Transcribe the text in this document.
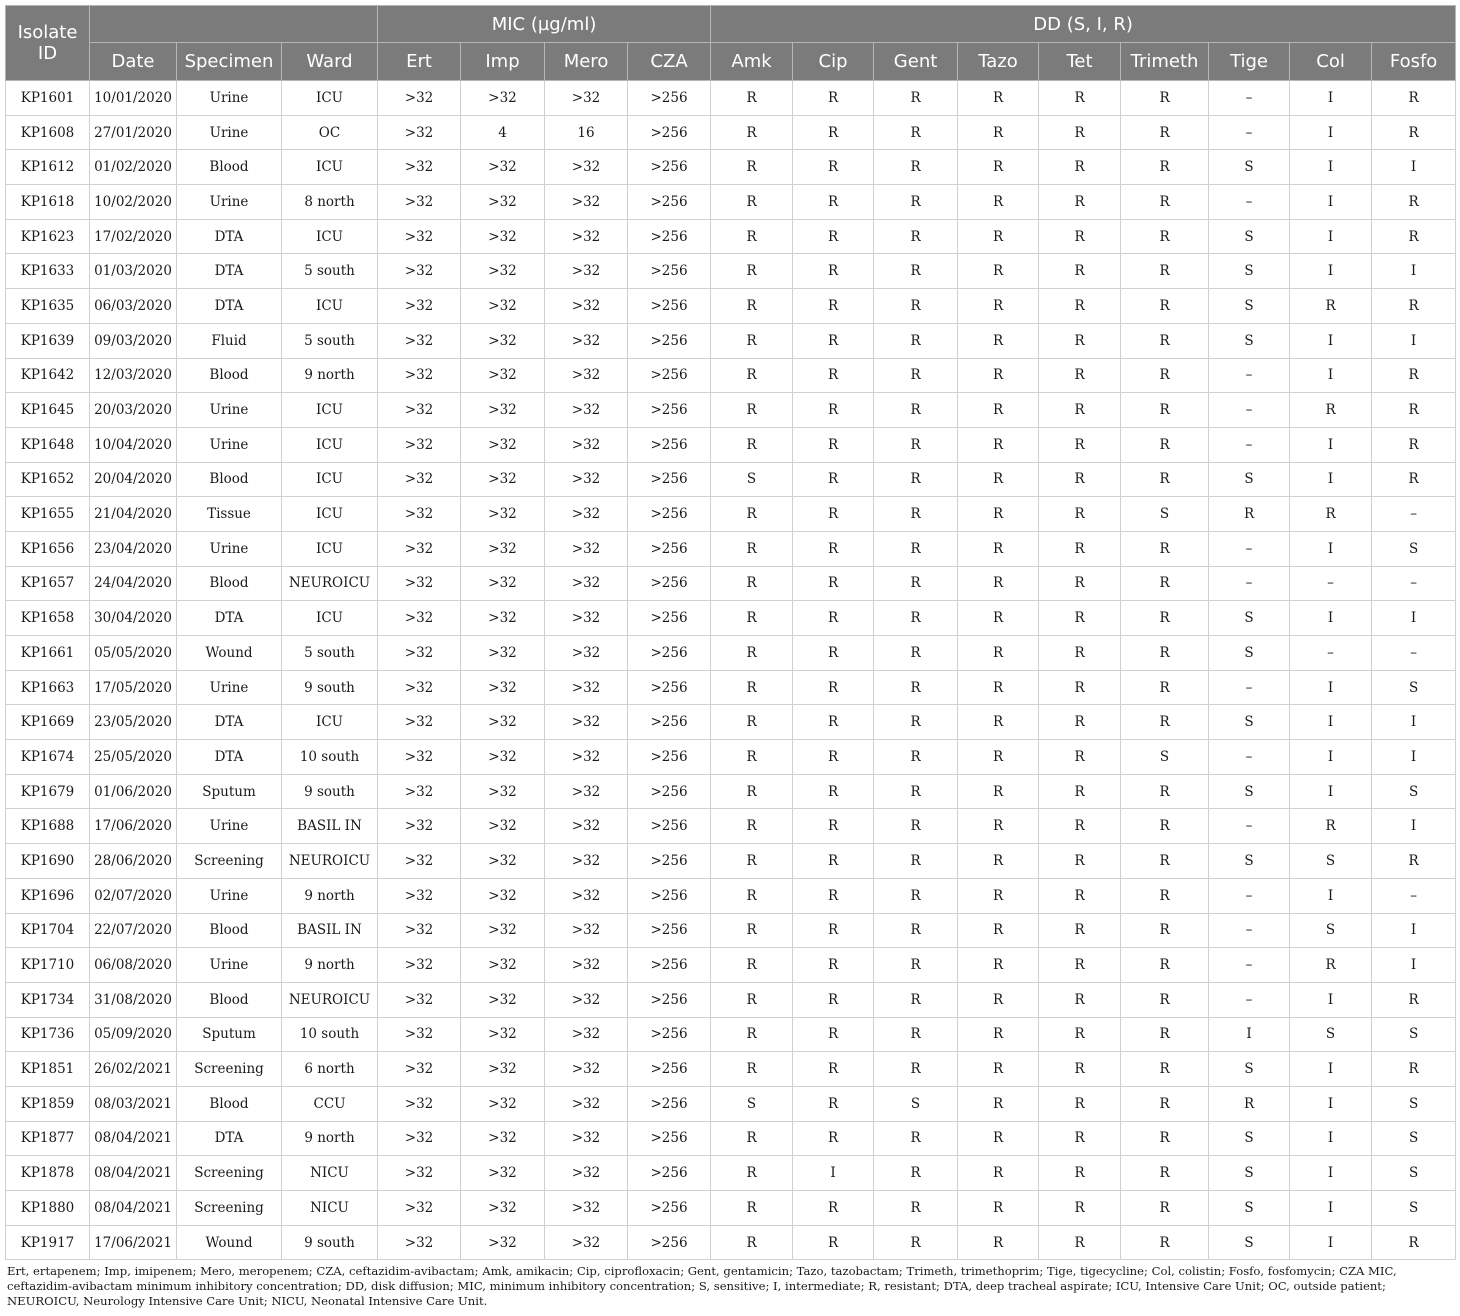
Isolate ID				MIC (µg/ml)				DD (S, I, R)								
	Date	Specimen	Ward	Ert	Imp	Mero	CZA	Amk	Cip	Gent	Tazo	Tet	Trimeth	Tige	Col	Fosfo
KP1601	10/01/2020	Urine	ICU	>32	>32	>32	>256	R	R	R	R	R	R	–	I	R
KP1608	27/01/2020	Urine	OC	>32	4	16	>256	R	R	R	R	R	R	–	I	R
KP1612	01/02/2020	Blood	ICU	>32	>32	>32	>256	R	R	R	R	R	R	S	I	I
KP1618	10/02/2020	Urine	8 north	>32	>32	>32	>256	R	R	R	R	R	R	–	I	R
KP1623	17/02/2020	DTA	ICU	>32	>32	>32	>256	R	R	R	R	R	R	S	I	R
KP1633	01/03/2020	DTA	5 south	>32	>32	>32	>256	R	R	R	R	R	R	S	I	I
KP1635	06/03/2020	DTA	ICU	>32	>32	>32	>256	R	R	R	R	R	R	S	R	R
KP1639	09/03/2020	Fluid	5 south	>32	>32	>32	>256	R	R	R	R	R	R	S	I	I
KP1642	12/03/2020	Blood	9 north	>32	>32	>32	>256	R	R	R	R	R	R	–	I	R
KP1645	20/03/2020	Urine	ICU	>32	>32	>32	>256	R	R	R	R	R	R	–	R	R
KP1648	10/04/2020	Urine	ICU	>32	>32	>32	>256	R	R	R	R	R	R	–	I	R
KP1652	20/04/2020	Blood	ICU	>32	>32	>32	>256	S	R	R	R	R	R	S	I	R
KP1655	21/04/2020	Tissue	ICU	>32	>32	>32	>256	R	R	R	R	R	S	R	R	–
KP1656	23/04/2020	Urine	ICU	>32	>32	>32	>256	R	R	R	R	R	R	–	I	S
KP1657	24/04/2020	Blood	NEUROICU	>32	>32	>32	>256	R	R	R	R	R	R	–	–	–
KP1658	30/04/2020	DTA	ICU	>32	>32	>32	>256	R	R	R	R	R	R	S	I	I
KP1661	05/05/2020	Wound	5 south	>32	>32	>32	>256	R	R	R	R	R	R	S	–	–
KP1663	17/05/2020	Urine	9 south	>32	>32	>32	>256	R	R	R	R	R	R	–	I	S
KP1669	23/05/2020	DTA	ICU	>32	>32	>32	>256	R	R	R	R	R	R	S	I	I
KP1674	25/05/2020	DTA	10 south	>32	>32	>32	>256	R	R	R	R	R	S	–	I	I
KP1679	01/06/2020	Sputum	9 south	>32	>32	>32	>256	R	R	R	R	R	R	S	I	S
KP1688	17/06/2020	Urine	BASIL IN	>32	>32	>32	>256	R	R	R	R	R	R	–	R	I
KP1690	28/06/2020	Screening	NEUROICU	>32	>32	>32	>256	R	R	R	R	R	R	S	S	R
KP1696	02/07/2020	Urine	9 north	>32	>32	>32	>256	R	R	R	R	R	R	–	I	–
KP1704	22/07/2020	Blood	BASIL IN	>32	>32	>32	>256	R	R	R	R	R	R	–	S	I
KP1710	06/08/2020	Urine	9 north	>32	>32	>32	>256	R	R	R	R	R	R	–	R	I
KP1734	31/08/2020	Blood	NEUROICU	>32	>32	>32	>256	R	R	R	R	R	R	–	I	R
KP1736	05/09/2020	Sputum	10 south	>32	>32	>32	>256	R	R	R	R	R	R	I	S	S
KP1851	26/02/2021	Screening	6 north	>32	>32	>32	>256	R	R	R	R	R	R	S	I	R
KP1859	08/03/2021	Blood	CCU	>32	>32	>32	>256	S	R	S	R	R	R	R	I	S
KP1877	08/04/2021	DTA	9 north	>32	>32	>32	>256	R	R	R	R	R	R	S	I	S
KP1878	08/04/2021	Screening	NICU	>32	>32	>32	>256	R	I	R	R	R	R	S	I	S
KP1880	08/04/2021	Screening	NICU	>32	>32	>32	>256	R	R	R	R	R	R	S	I	S
KP1917	17/06/2021	Wound	9 south	>32	>32	>32	>256	R	R	R	R	R	R	S	I	R
Ert, ertapenem; Imp, imipenem; Mero, meropenem; CZA, ceftazidim-avibactam; Amk, amikacin; Cip, ciprofloxacin; Gent, gentamicin; Tazo, tazobactam; Trimeth, trimethoprim; Tige, tigecycline; Col, colistin; Fosfo, fosfomycin; CZA MIC, ceftazidim-avibactam minimum inhibitory concentration; DD, disk diffusion; MIC, minimum inhibitory concentration; S, sensitive; I, intermediate; R, resistant; DTA, deep tracheal aspirate; ICU, Intensive Care Unit; OC, outside patient; NEUROICU, Neurology Intensive Care Unit; NICU, Neonatal Intensive Care Unit.
